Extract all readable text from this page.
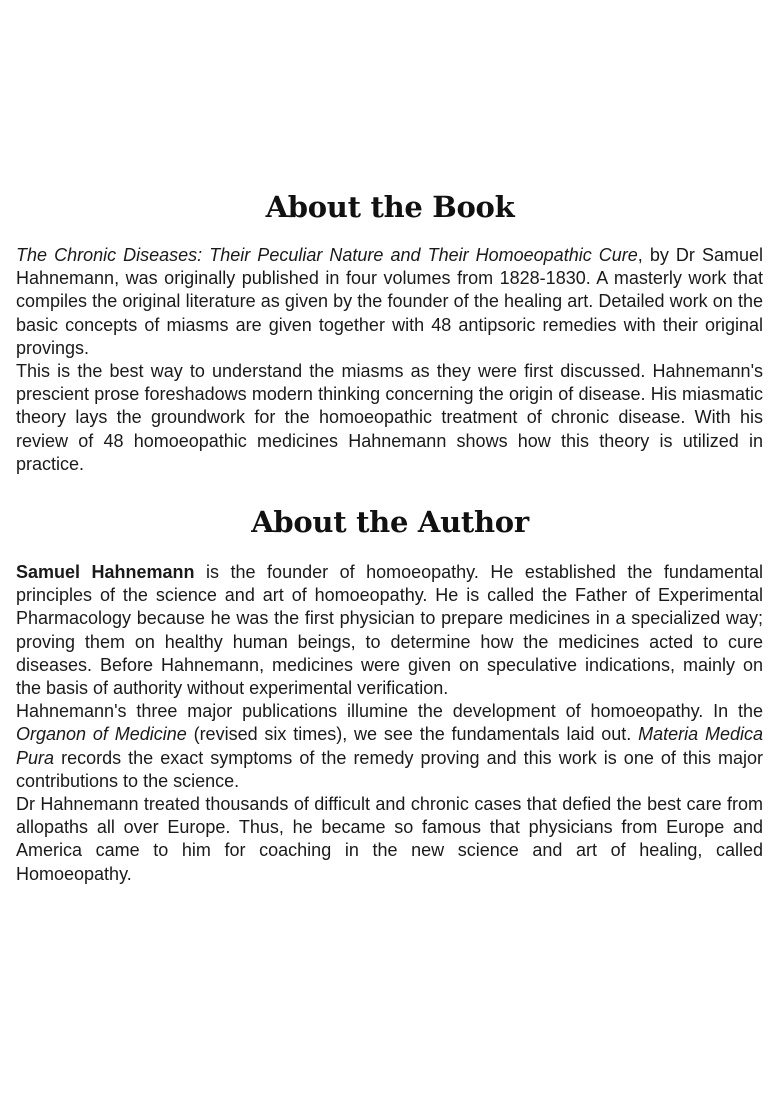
About the Book

The Chronic Diseases: Their Peculiar Nature and Their Homoeopathic Cure, by Dr Samuel Hahnemann, was originally published in four volumes from 1828-1830. A masterly work that compiles the original literature as given by the founder of the healing art. Detailed work on the basic concepts of miasms are given together with 48 antipsoric remedies with their original provings.

This is the best way to understand the miasms as they were first discussed. Hahnemann's prescient prose foreshadows modern thinking concerning the origin of disease. His miasmatic theory lays the groundwork for the homoeopathic treatment of chronic disease. With his review of 48 homoeopathic medicines Hahnemann shows how this theory is utilized in practice.

About the Author

Samuel Hahnemann is the founder of homoeopathy. He established the fundamental principles of the science and art of homoeopathy. He is called the Father of Experimental Pharmacology because he was the first physician to prepare medicines in a specialized way; proving them on healthy human beings, to determine how the medicines acted to cure diseases. Before Hahnemann, medicines were given on speculative indications, mainly on the basis of authority without experimental verification.

Hahnemann's three major publications illumine the development of homoeopathy. In the Organon of Medicine (revised six times), we see the fundamentals laid out. Materia Medica Pura records the exact symptoms of the remedy proving and this work is one of this major contributions to the science.

Dr Hahnemann treated thousands of difficult and chronic cases that defied the best care from allopaths all over Europe. Thus, he became so famous that physicians from Europe and America came to him for coaching in the new science and art of healing, called Homoeopathy.
